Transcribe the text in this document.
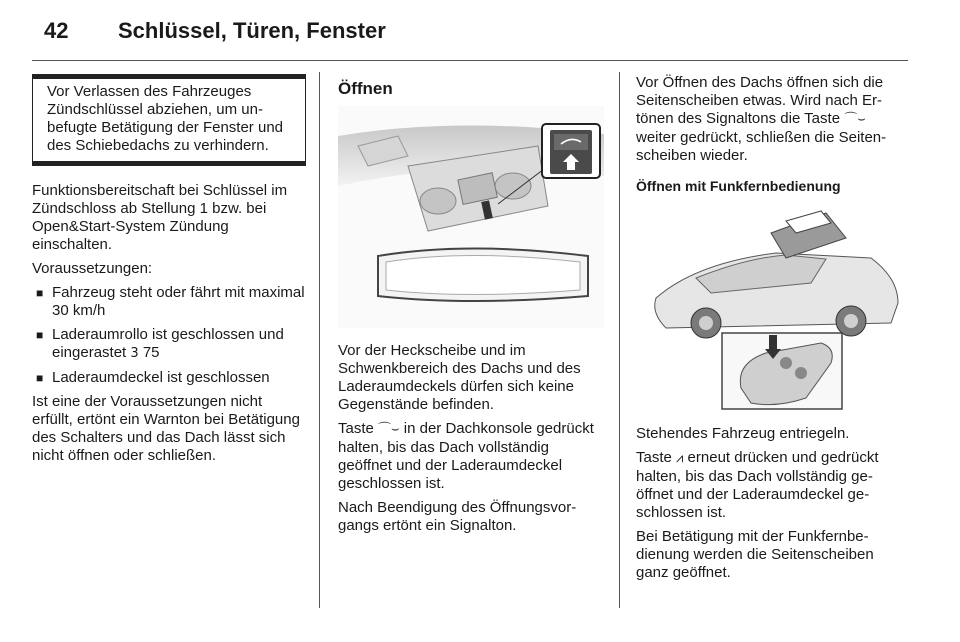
42 Schlüssel, Türen, Fenster
Vor Verlassen des Fahrzeuges Zündschlüssel abziehen, um unbefugte Betätigung der Fenster und des Schiebedachs zu verhindern.

Funktionsbereitschaft bei Schlüssel im Zündschloss ab Stellung 1 bzw. bei Open&Start-System Zündung einschalten.

Voraussetzungen:

■ Fahrzeug steht oder fährt mit maximal 30 km/h
■ Laderaumrollo ist geschlossen und eingerastet 3 75
■ Laderaumdeckel ist geschlossen

Ist eine der Voraussetzungen nicht erfüllt, ertönt ein Warnton bei Betätigung des Schalters und das Dach lässt sich nicht öffnen oder schließen.

Öffnen

Vor der Heckscheibe und im Schwenkbereich des Dachs und des Laderaumdeckels dürfen sich keine Gegenstände befinden.

Taste ⌒⌣ in der Dachkonsole gedrückt halten, bis das Dach vollständig geöffnet und der Laderaumdeckel geschlossen ist.

Nach Beendigung des Öffnungsvorgangs ertönt ein Signalton.

Vor Öffnen des Dachs öffnen sich die Seitenscheiben etwas. Wird nach Ertönen des Signaltons die Taste ⌒⌣ weiter gedrückt, schließen die Seitenscheiben wieder.

Öffnen mit Funkfernbedienung

Stehendes Fahrzeug entriegeln.

Taste ⩘ erneut drücken und gedrückt halten, bis das Dach vollständig geöffnet und der Laderaumdeckel geschlossen ist.

Bei Betätigung mit der Funkfernbedienung werden die Seitenscheiben ganz geöffnet.
